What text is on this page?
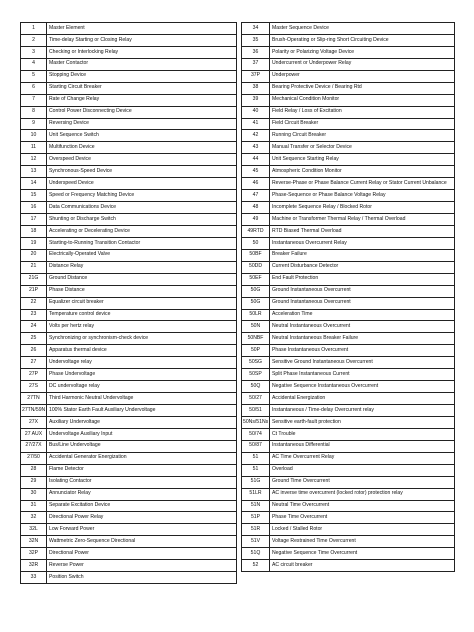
1	Master Element
2	Time-delay Starting or Closing Relay
3	Checking or Interlocking Relay
4	Master Contactor
5	Stopping Device
6	Starting Circuit Breaker
7	Rate of Change Relay
8	Control Power Disconnecting Device
9	Reversing Device
10	Unit Sequence Switch
11	Multifunction Device
12	Overspeed Device
13	Synchronous-Speed Device
14	Underspeed Device
15	Speed or Frequency Matching Device
16	Data Communications Device
17	Shunting or Discharge Switch
18	Accelerating or Decelerating Device
19	Starting-to-Running Transition Contactor
20	Electrically-Operated Valve
21	Distance Relay
21G	Ground Distance
21P	Phase Distance
22	Equalizer circuit breaker
23	Temperature control device
24	Volts per hertz relay
25	Synchronizing or synchronism-check device
26	Apparatus thermal device
27	Undervoltage relay
27P	Phase Undervoltage
27S	DC undervoltage relay
27TN	Third Harmonic Neutral Undervoltage
27TN/59N	100% Stator Earth Fault Auxiliary Undervoltage
27X	Auxiliary Undervoltage
27 AUX	Undervoltage Auxiliary Input
27/27X	Bus/Line Undervoltage
27/50	Accidental Generator Energization
28	Flame Detector
29	Isolating Contactor
30	Annunciator Relay
31	Separate Excitation Device
32	Directional Power Relay
32L	Low Forward Power
32N	Wattmetric Zero-Sequence Directional
32P	Directional Power
32R	Reverse Power
33	Position Switch
34	Master Sequence Device
35	Brush-Operating or Slip-ring Short Circuiting Device
36	Polarity or Polarizing Voltage Device
37	Undercurrent or Underpower Relay
37P	Underpower
38	Bearing Protective Device / Bearing Rtd
39	Mechanical Condition Monitor
40	Field Relay / Loss of Excitation
41	Field Circuit Breaker
42	Running Circuit Breaker
43	Manual Transfer or Selector Device
44	Unit Sequence Starting Relay
45	Atmospheric Condition Monitor
46	Reverse-Phase or Phase Balance Current Relay or Stator Current Unbalance
47	Phase-Sequence or Phase Balance Voltage Relay
48	Incomplete Sequence Relay / Blocked Rotor
49	Machine or Transformer Thermal Relay / Thermal Overload
49RTD	RTD Biased Thermal Overload
50	Instantaneous Overcurrent Relay
50BF	Breaker Failure
50DD	Current Disturbance Detector
50EF	End Fault Protection
50G	Ground Instantaneous Overcurrent
50G	Ground Instantaneous Overcurrent
50LR	Acceleration Time
50N	Neutral Instantaneous Overcurrent
50NBF	Neutral Instantaneous Breaker Failure
50P	Phase Instantaneous Overcurrent
50SG	Sensitive Ground Instantaneous Overcurrent
50SP	Split Phase Instantaneous Current
50Q	Negative Sequence Instantaneous Overcurrent
50/27	Accidental Energization
50/51	Instantaneous / Time-delay Overcurrent relay
50Ns/51Ns	Sensitive earth-fault protection
50/74	Ct Trouble
50/87	Instantaneous Differential
51	AC Time Overcurrent Relay
51	Overload
51G	Ground Time Overcurrent
51LR	AC inverse time overcurrent (locked rotor) protection relay
51N	Neutral Time Overcurrent
51P	Phase Time Overcurrent
51R	Locked / Stalled Rotor
51V	Voltage Restrained Time Overcurrent
51Q	Negative Sequence Time Overcurrent
52	AC circuit breaker
